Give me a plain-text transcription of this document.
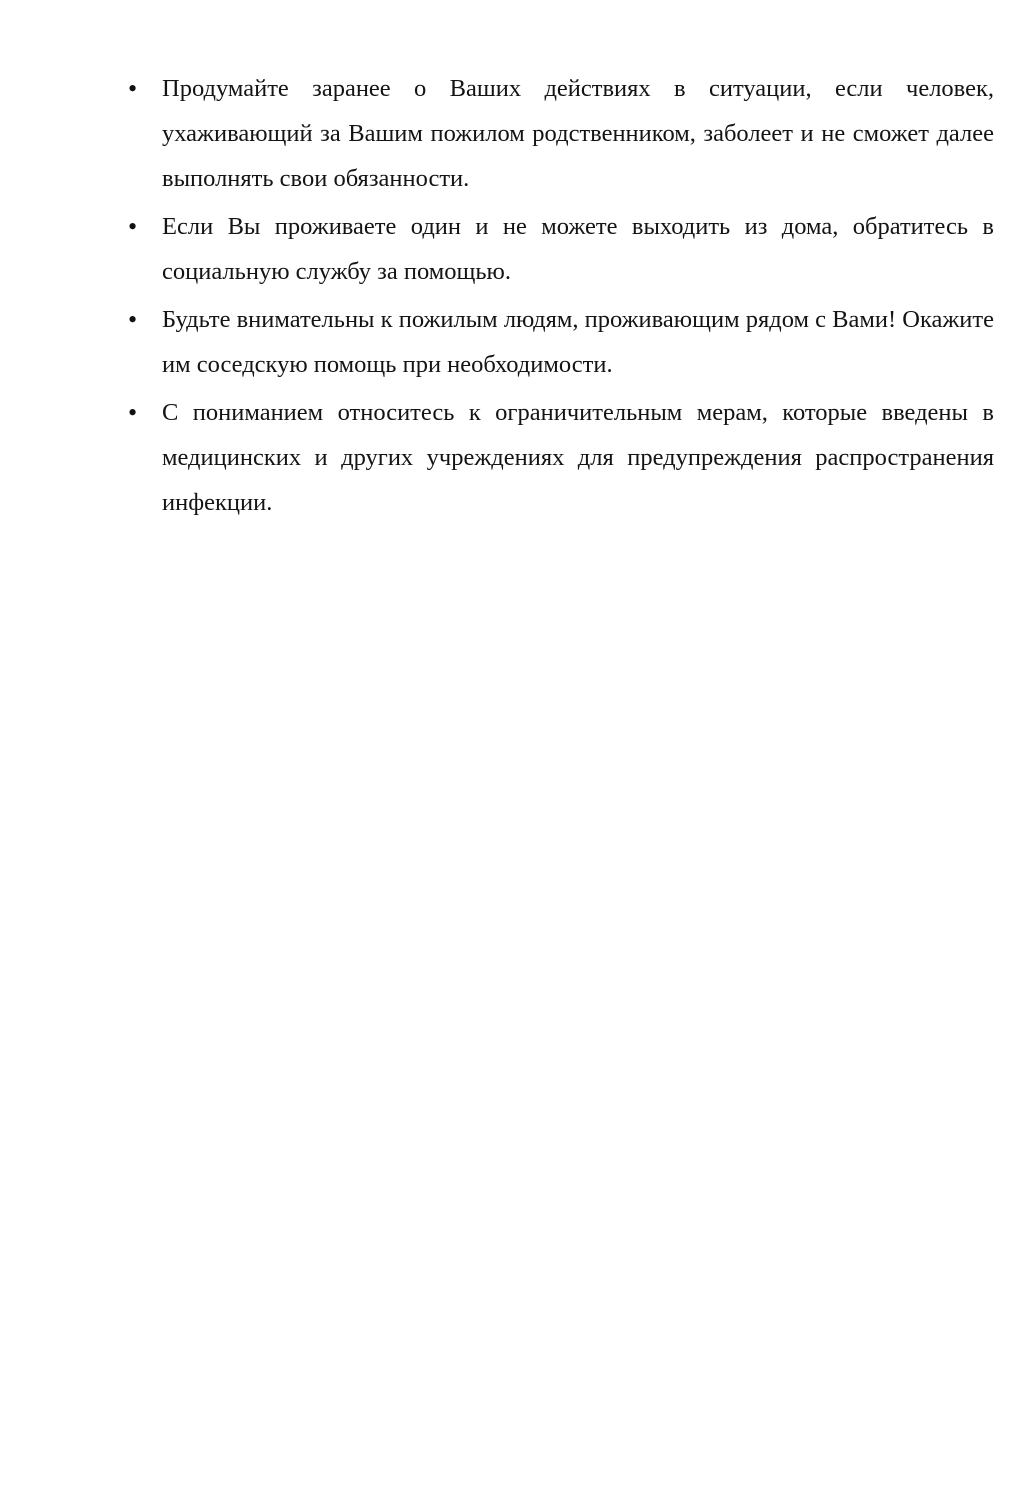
•	Продумайте заранее о Ваших действиях в ситуации, если человек, ухаживающий за Вашим пожилом родственником, заболеет и не сможет далее выполнять свои обязанности.

•	Если Вы проживаете один и не можете выходить из дома, обратитесь в социальную службу за помощью.

•	Будьте внимательны к пожилым людям, проживающим рядом с Вами! Окажите им соседскую помощь при необходимости.

•	С пониманием относитесь к ограничительным мерам, которые введены в медицинских и других учреждениях для предупреждения распространения инфекции.
